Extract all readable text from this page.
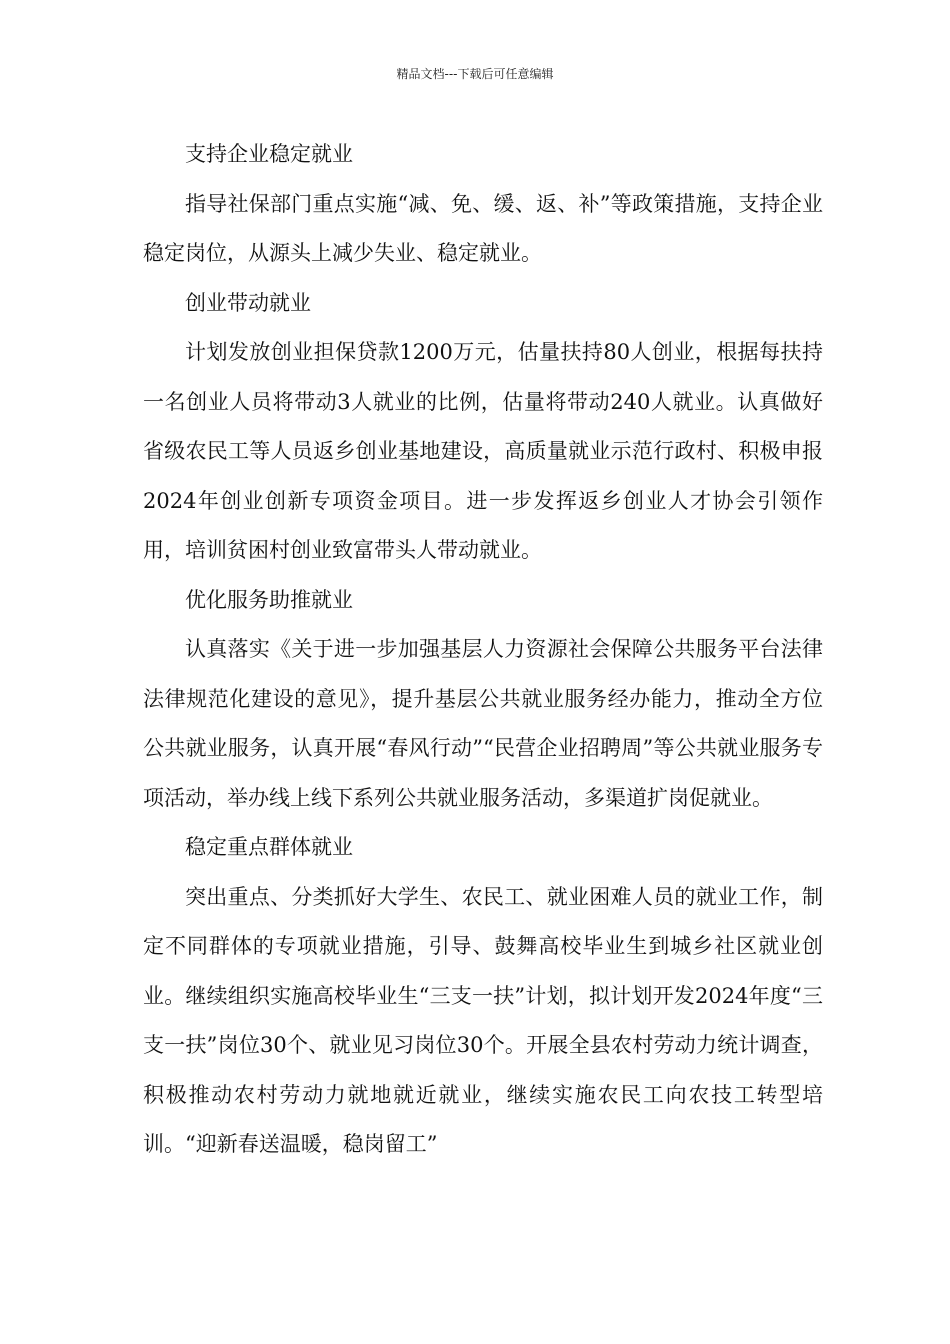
精品文档---下载后可任意编辑

支持企业稳定就业

指导社保部门重点实施“减、免、缓、返、补”等政策措施，支持企业稳定岗位，从源头上减少失业、稳定就业。

创业带动就业

计划发放创业担保贷款1200万元，估量扶持80人创业，根据每扶持一名创业人员将带动3人就业的比例，估量将带动240人就业。认真做好省级农民工等人员返乡创业基地建设，高质量就业示范行政村、积极申报2024年创业创新专项资金项目。进一步发挥返乡创业人才协会引领作用，培训贫困村创业致富带头人带动就业。

优化服务助推就业

认真落实《关于进一步加强基层人力资源社会保障公共服务平台法律法律规范化建设的意见》，提升基层公共就业服务经办能力，推动全方位公共就业服务，认真开展“春风行动”“民营企业招聘周”等公共就业服务专项活动，举办线上线下系列公共就业服务活动，多渠道扩岗促就业。

稳定重点群体就业

突出重点、分类抓好大学生、农民工、就业困难人员的就业工作，制定不同群体的专项就业措施，引导、鼓舞高校毕业生到城乡社区就业创业。继续组织实施高校毕业生“三支一扶”计划，拟计划开发2024年度“三支一扶”岗位30个、就业见习岗位30个。开展全县农村劳动力统计调查，积极推动农村劳动力就地就近就业，继续实施农民工向农技工转型培训。“迎新春送温暖，稳岗留工”
